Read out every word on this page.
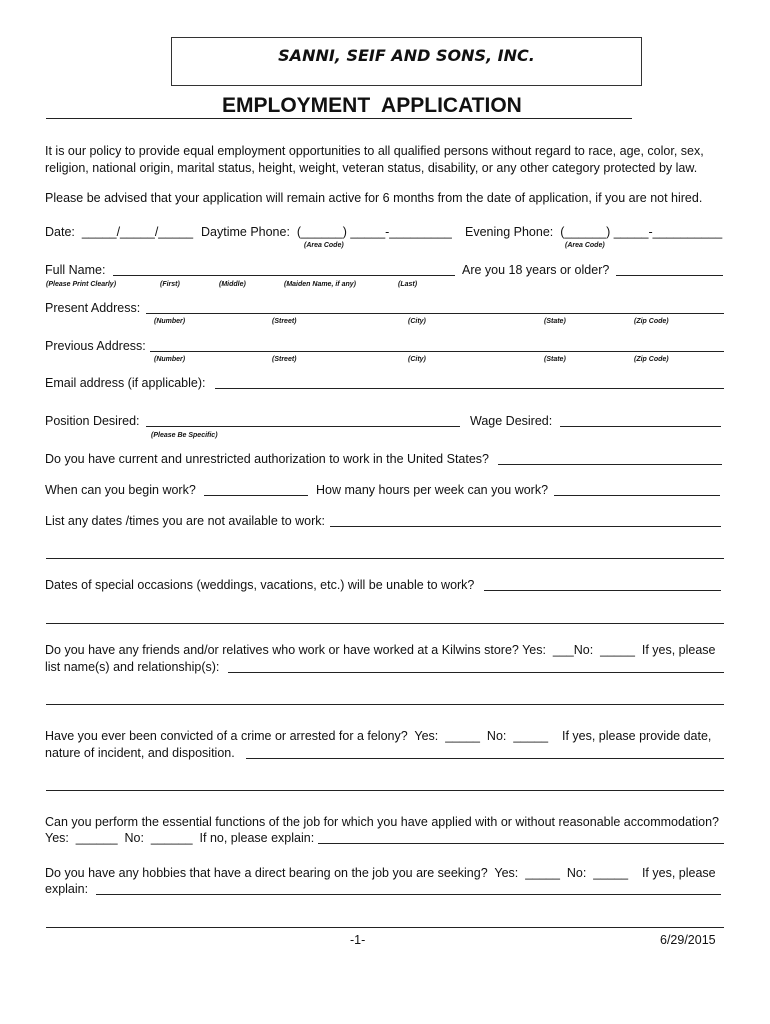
SANNI, SEIF AND SONS, INC.
EMPLOYMENT  APPLICATION
It is our policy to provide equal employment opportunities to all qualified persons without regard to race, age, color, sex,
religion, national origin, marital status, height, weight, veteran status, disability, or any other category protected by law.
Please be advised that your application will remain active for 6 months from the date of application, if you are not hired.
Date:  _____/_____/_____ Daytime Phone:  (______) _____-_________ Evening Phone:  (______) _____-__________
(Area Code)	(Area Code)
Full Name:	Are you 18 years or older?
(Please Print Clearly)	(First)	(Middle)	(Maiden Name, if any)	(Last)
Present Address:
(Number)	(Street)	(City)	(State)	(Zip Code)
Previous Address:
(Number)	(Street)	(City)	(State)	(Zip Code)
Email address (if applicable):
Position Desired:
(Please Be Specific)
Wage Desired:
Do you have current and unrestricted authorization to work in the United States?
When can you begin work?	How many hours per week can you work?
List any dates /times you are not available to work:
Dates of special occasions (weddings, vacations, etc.) will be unable to work?
Do you have any friends and/or relatives who work or have worked at a Kilwins store? Yes:  ___No:  _____  If yes, please
list name(s) and relationship(s):
Have you ever been convicted of a crime or arrested for a felony?  Yes:  _____  No:  _____    If yes, please provide date,
nature of incident, and disposition.
Can you perform the essential functions of the job for which you have applied with or without reasonable accommodation?
Yes:  ______  No:  ______  If no, please explain:
Do you have any hobbies that have a direct bearing on the job you are seeking?  Yes:  _____  No:  _____    If yes, please
explain:
-1-	6/29/2015
